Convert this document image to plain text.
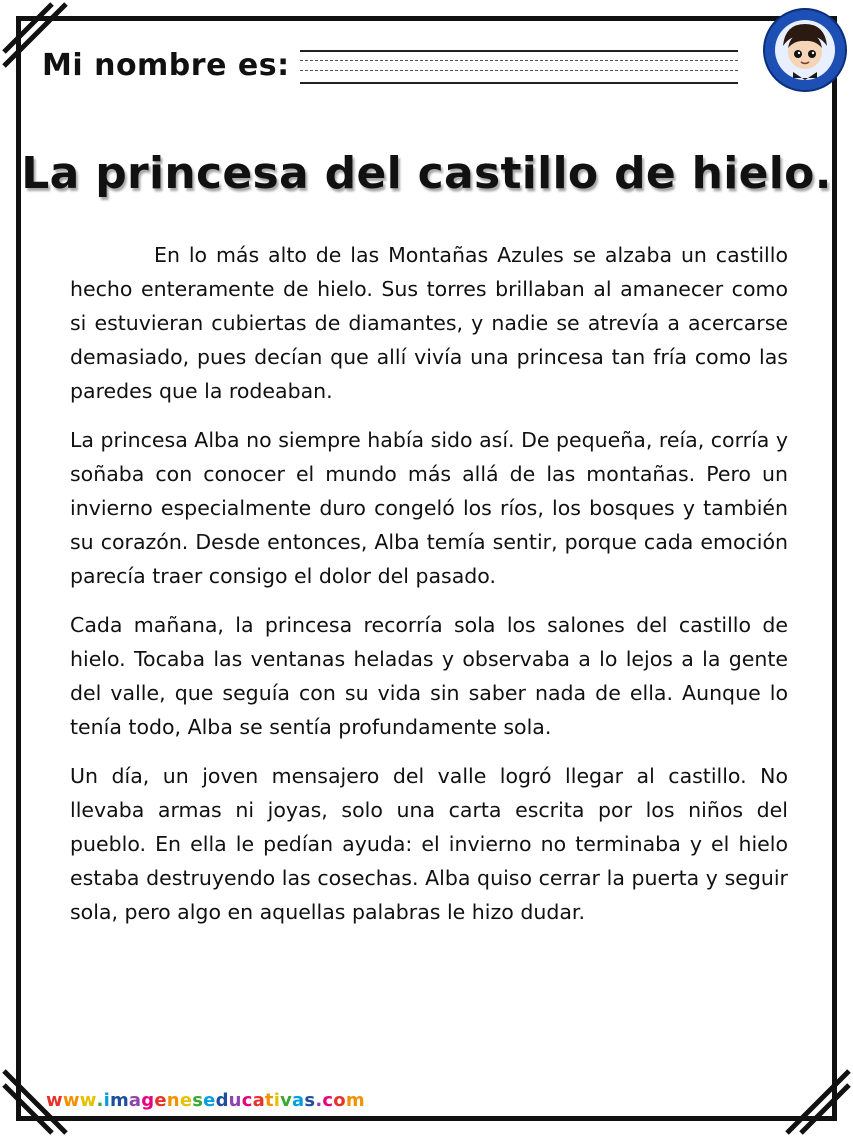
Mi nombre es:
La princesa del castillo de hielo.

En lo más alto de las Montañas Azules se alzaba un castillo hecho enteramente de hielo. Sus torres brillaban al amanecer como si estuvieran cubiertas de diamantes, y nadie se atrevía a acercarse demasiado, pues decían que allí vivía una princesa tan fría como las paredes que la rodeaban.

La princesa Alba no siempre había sido así. De pequeña, reía, corría y soñaba con conocer el mundo más allá de las montañas. Pero un invierno especialmente duro congeló los ríos, los bosques y también su corazón. Desde entonces, Alba temía sentir, porque cada emoción parecía traer consigo el dolor del pasado.

Cada mañana, la princesa recorría sola los salones del castillo de hielo. Tocaba las ventanas heladas y observaba a lo lejos a la gente del valle, que seguía con su vida sin saber nada de ella. Aunque lo tenía todo, Alba se sentía profundamente sola.

Un día, un joven mensajero del valle logró llegar al castillo. No llevaba armas ni joyas, solo una carta escrita por los niños del pueblo. En ella le pedían ayuda: el invierno no terminaba y el hielo estaba destruyendo las cosechas. Alba quiso cerrar la puerta y seguir sola, pero algo en aquellas palabras le hizo dudar.

www.imageneseducativas.com
